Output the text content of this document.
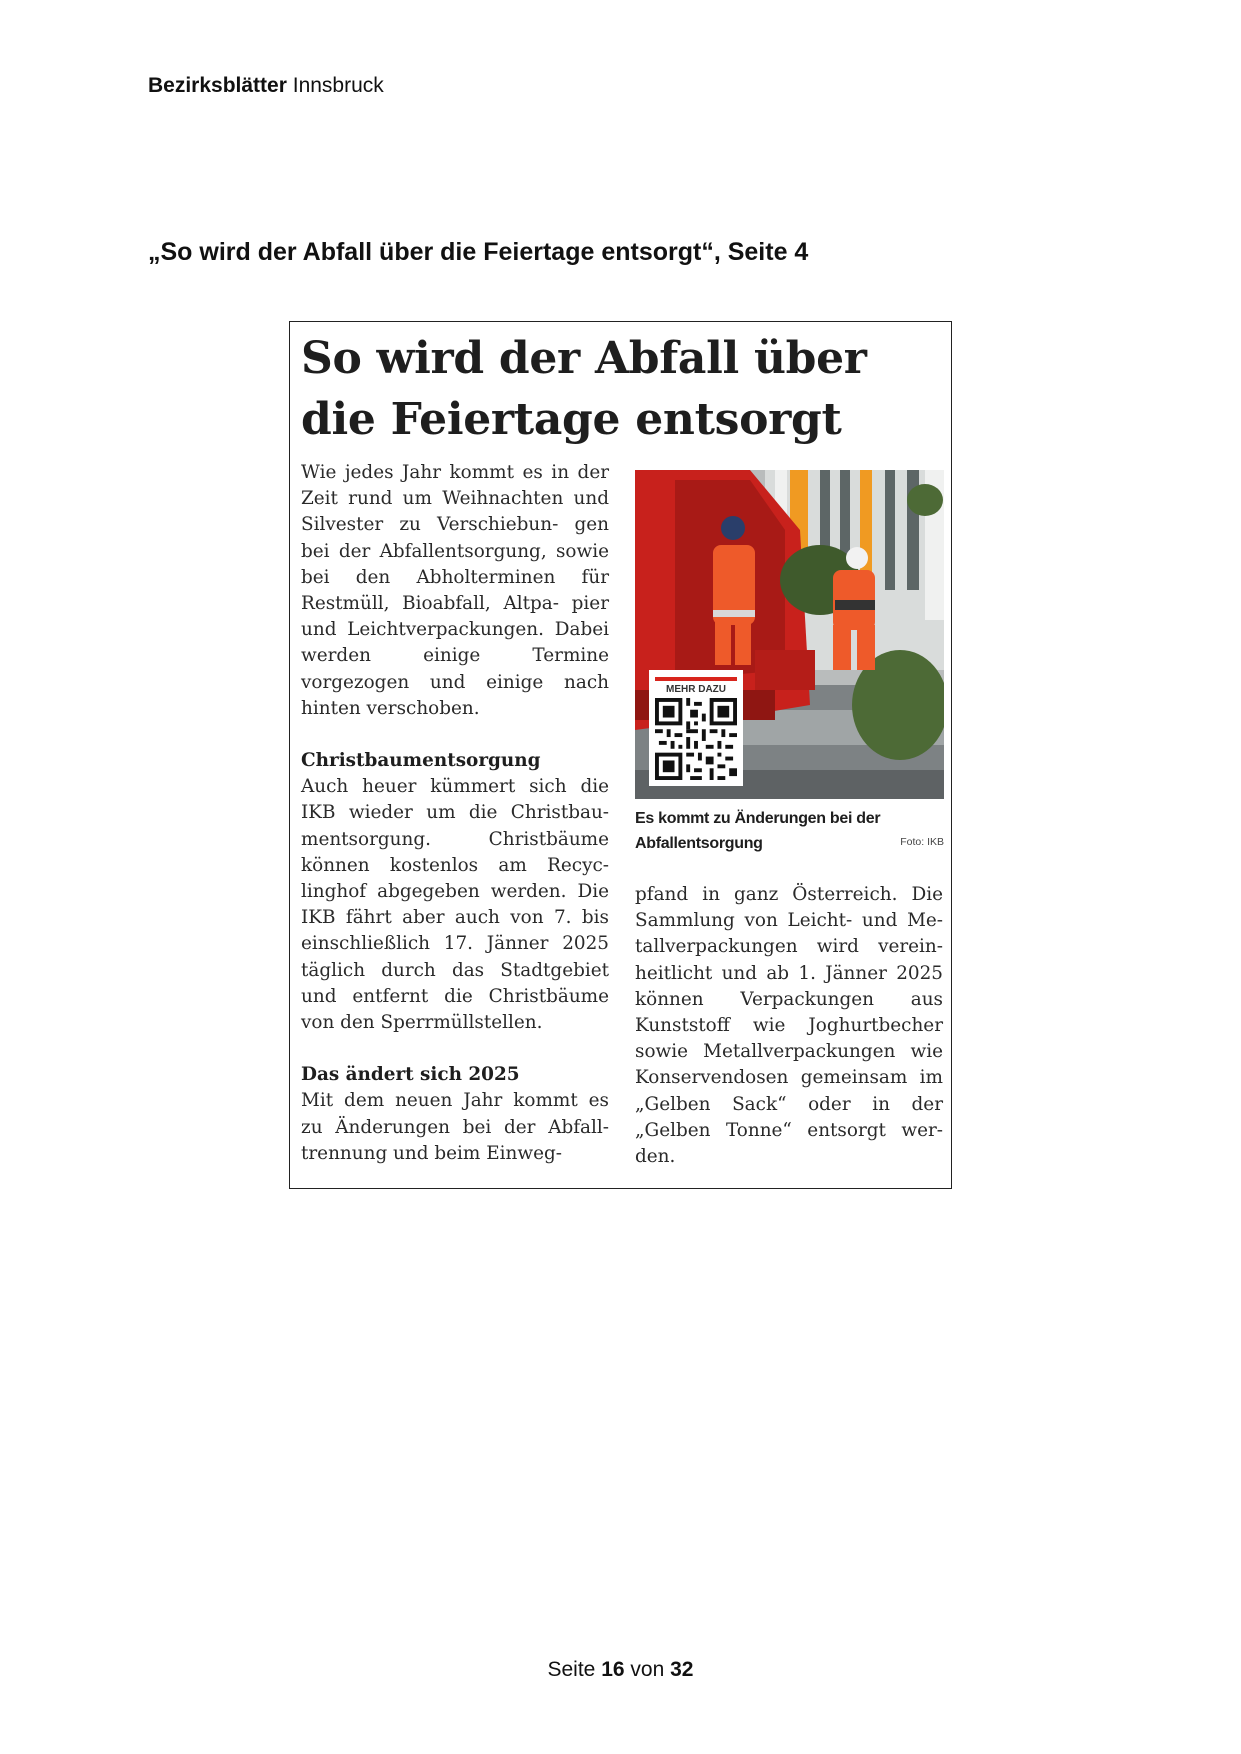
Bezirksblätter Innsbruck
„So wird der Abfall über die Feiertage entsorgt“, Seite 4
So wird der Abfall über
die Feiertage entsorgt

Wie jedes Jahr kommt es in der Zeit rund um Weihnachten und Silvester zu Verschiebun- gen bei der Abfallentsorgung, sowie bei den Abholterminen für Restmüll, Bioabfall, Altpa- pier und Leichtverpackungen. Dabei werden einige Termine vorgezogen und einige nach hinten verschoben.

Christbaumentsorgung

Auch heuer kümmert sich die IKB wieder um die Christbau- mentsorgung. Christbäume können kostenlos am Recyc- linghof abgegeben werden. Die IKB fährt aber auch von 7. bis einschließlich 17. Jänner 2025 täglich durch das Stadtgebiet und entfernt die Christbäume von den Sperrmüllstellen.

Das ändert sich 2025

Mit dem neuen Jahr kommt es zu Änderungen bei der Abfall- trennung und beim Einweg-

MEHR DAZU
Es kommt zu Änderungen bei der Abfallentsorgung	Foto: IKB

pfand in ganz Österreich. Die Sammlung von Leicht- und Me- tallverpackungen wird verein- heitlicht und ab 1. Jänner 2025 können Verpackungen aus Kunststoff wie Joghurtbecher sowie Metallverpackungen wie Konservendosen gemeinsam im „Gelben Sack“ oder in der „Gelben Tonne“ entsorgt wer- den.

Seite 16 von 32
